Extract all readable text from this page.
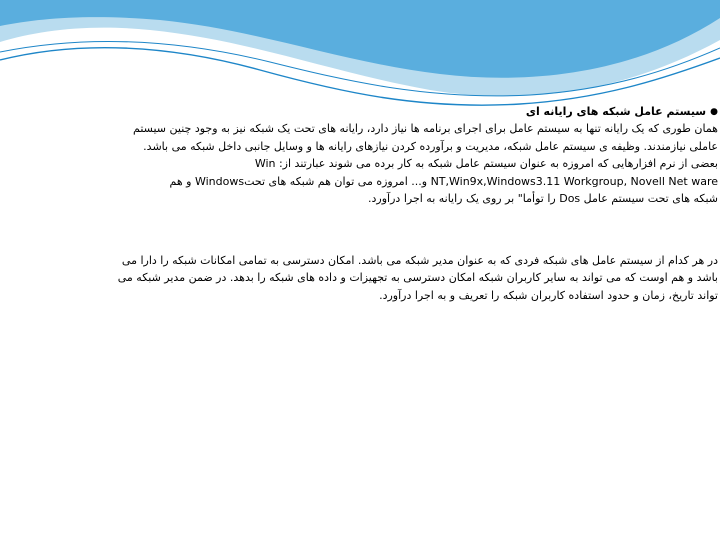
●
سیستم عامل شبکه های رایانه ای
همان طوری که یک رایانه تنها به سیستم عامل برای اجرای برنامه ها نیاز دارد، رایانه های تحت یک شبکه نیز به وجود چنین سیستم
عاملی نیازمندند. وظیفه ی سیستم عامل شبکه، مدیریت و برآورده کردن نیازهای رایانه ها و وسایل جانبی داخل شبکه می باشد.
بعضی از نرم افزارهایی که امروزه به عنوان سیستم عامل شبکه به کار برده می شوند عبارتند از: Win
NT,Win9x,Windows3.11 Workgroup, Novell Net ware و... امروزه می توان هم شبکه های تحتWindows و هم
شبکه های تحت سیستم عامل Dos را توأما" بر روی یک رایانه به اجرا درآورد.
در هر کدام از سیستم عامل های شبکه فردی که به عنوان مدیر شبکه می باشد. امکان دسترسی به تمامی امکانات شبکه را دارا می
باشد و هم اوست که می تواند به سایر کاربران شبکه امکان دسترسی به تجهیزات و داده های شبکه را بدهد. در ضمن مدیر شبکه می
تواند تاریخ، زمان و حدود استفاده کاربران شبکه را تعریف و به اجرا درآورد.
